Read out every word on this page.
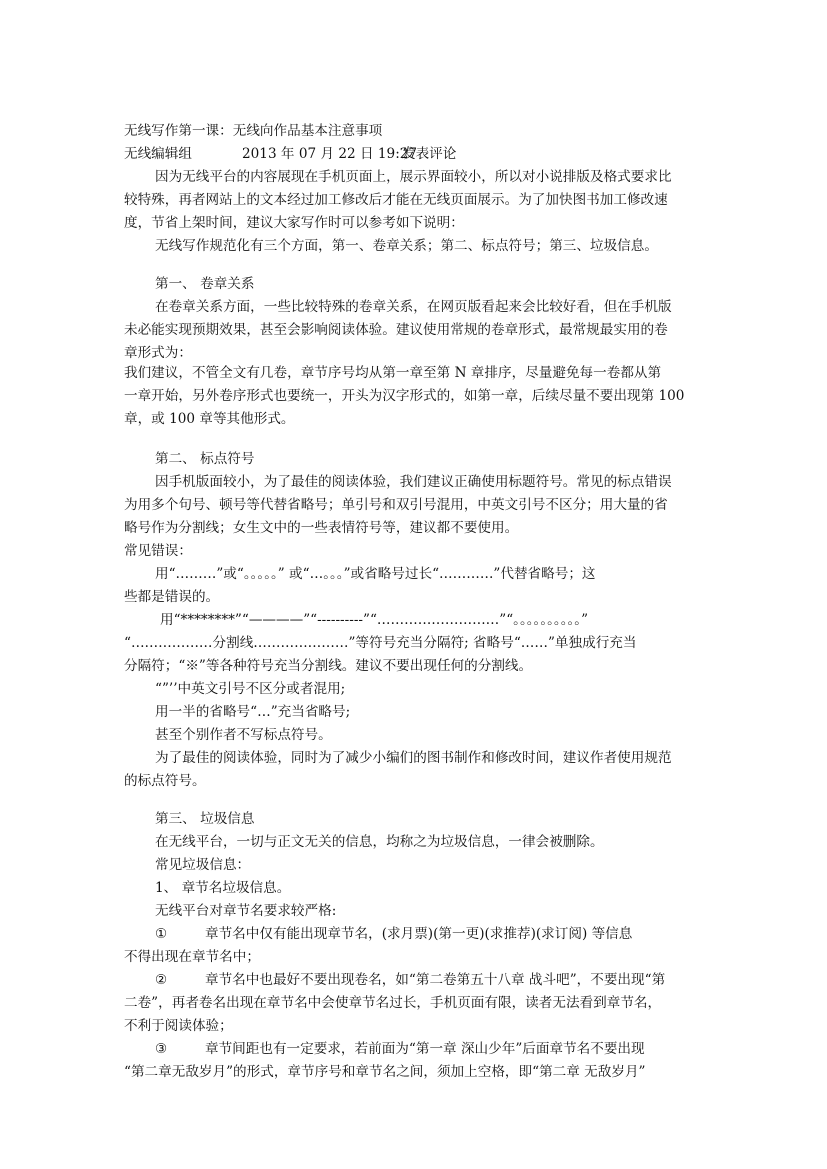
无线写作第一课：无线向作品基本注意事项
无线编辑组	2013 年 07 月 22 日 19:27发表评论
因为无线平台的内容展现在手机页面上，展示界面较小，所以对小说排版及格式要求比
较特殊，再者网站上的文本经过加工修改后才能在无线页面展示。为了加快图书加工修改速
度，节省上架时间，建议大家写作时可以参考如下说明：
无线写作规范化有三个方面，第一、卷章关系；第二、标点符号；第三、垃圾信息。
第一、 卷章关系
在卷章关系方面，一些比较特殊的卷章关系，在网页版看起来会比较好看，但在手机版
未必能实现预期效果，甚至会影响阅读体验。建议使用常规的卷章形式，最常规最实用的卷
章形式为：
我们建议，不管全文有几卷，章节序号均从第一章至第 N 章排序，尽量避免每一卷都从第
一章开始，另外卷序形式也要统一，开头为汉字形式的，如第一章，后续尽量不要出现第 100
章，或 100 章等其他形式。
第二、 标点符号
因手机版面较小，为了最佳的阅读体验，我们建议正确使用标题符号。常见的标点错误
为用多个句号、顿号等代替省略号；单引号和双引号混用，中英文引号不区分；用大量的省
略号作为分割线；女生文中的一些表情符号等，建议都不要使用。
常见错误：
用“………”或“。。。。。” 或“…。。。”或省略号过长“…………”代替省略号；这
些都是错误的。
用“********”“————”“----------”“………………………”“。。。。。。。。。。”
“………………分割线…………………”等符号充当分隔符; 省略号“……”单独成行充当
分隔符；“※”等各种符号充当分割线。建议不要出现任何的分割线。
“”’’中英文引号不区分或者混用;
用一半的省略号“…”充当省略号;
甚至个别作者不写标点符号。
为了最佳的阅读体验，同时为了减少小编们的图书制作和修改时间，建议作者使用规范
的标点符号。
第三、 垃圾信息
在无线平台，一切与正文无关的信息，均称之为垃圾信息，一律会被删除。
常见垃圾信息：
1、 章节名垃圾信息。
无线平台对章节名要求较严格:
①	章节名中仅有能出现章节名，(求月票)(第一更)(求推荐)(求订阅) 等信息
不得出现在章节名中；
②	章节名中也最好不要出现卷名，如“第二卷第五十八章 战斗吧”，不要出现“第
二卷”，再者卷名出现在章节名中会使章节名过长，手机页面有限，读者无法看到章节名，
不利于阅读体验；
③	章节间距也有一定要求，若前面为“第一章 深山少年”后面章节名不要出现
“第二章无敌岁月”的形式，章节序号和章节名之间，须加上空格，即“第二章 无敌岁月”
